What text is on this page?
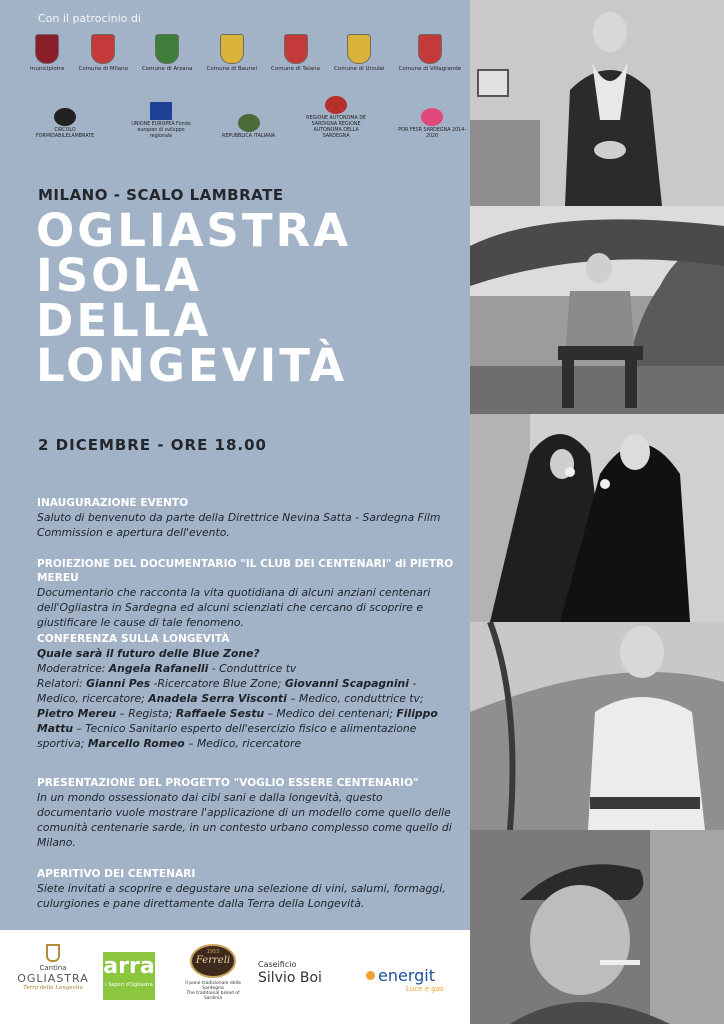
Con il patrocinio di
municipiotre	Comune di Milano	Comune di Arzana	Comune di Baunei	Comune di Talana	Comune di Urzulei	Comune di Villagrande
CIRCOLO FORMIDABILELAMBRATE
UNIONE EUROPEA Fondo europeo di sviluppo regionale	REPUBBLICA ITALIANA
REGIONE AUTONOMA DE SARDIGNA REGIONE AUTONOMA DELLA SARDEGNA
POR FESR SARDEGNA 2014-2020
MILANO - SCALO LAMBRATE
OGLIASTRA
ISOLA
DELLA
LONGEVITÀ
2 DICEMBRE - ORE 18.00
INAUGURAZIONE EVENTO
Saluto di benvenuto da parte della Direttrice Nevina Satta - Sardegna Film Commission e apertura dell'evento.
PROIEZIONE DEL DOCUMENTARIO "IL CLUB DEI CENTENARI" di PIETRO MEREU
Documentario che racconta la vita quotidiana di alcuni anziani centenari dell'Ogliastra in Sardegna ed alcuni scienziati che cercano di scoprire e giustificare le cause di tale fenomeno.
CONFERENZA SULLA LONGEVITÀ
Quale sarà il futuro delle Blue Zone?
Moderatrice: Angela Rafanelli - Conduttrice tv
Relatori: Gianni Pes -Ricercatore Blue Zone; Giovanni Scapagnini - Medico, ricercatore; Anadela Serra Visconti – Medico, conduttrice tv; Pietro Mereu – Regista; Raffaele Sestu – Medico dei centenari; Filippo Mattu – Tecnico Sanitario esperto dell'esercizio fisico e alimentazione sportiva; Marcello Romeo – Medico, ricercatore
PRESENTAZIONE DEL PROGETTO "VOGLIO ESSERE CENTENARIO"
In un mondo ossessionato dai cibi sani e dalla longevità, questo documentario vuole mostrare l'applicazione di un modello come quello delle comunità centenarie sarde, in un contesto urbano complesso come quello di Milano.
APERITIVO DEI CENTENARI
Siete invitati a scoprire e degustare una selezione di vini, salumi, formaggi, culurgiones e pane direttamente dalla Terra della Longevità.
Cantina
OGLIASTRA
Terra della Longevità
arra
i Sapori d'Ogliastra
1953
Ferreli
Il pane tradizionale della Sardegna
The traditional bread of Sardinia
Caseificio
Silvio Boi	energit
Luce e gas
